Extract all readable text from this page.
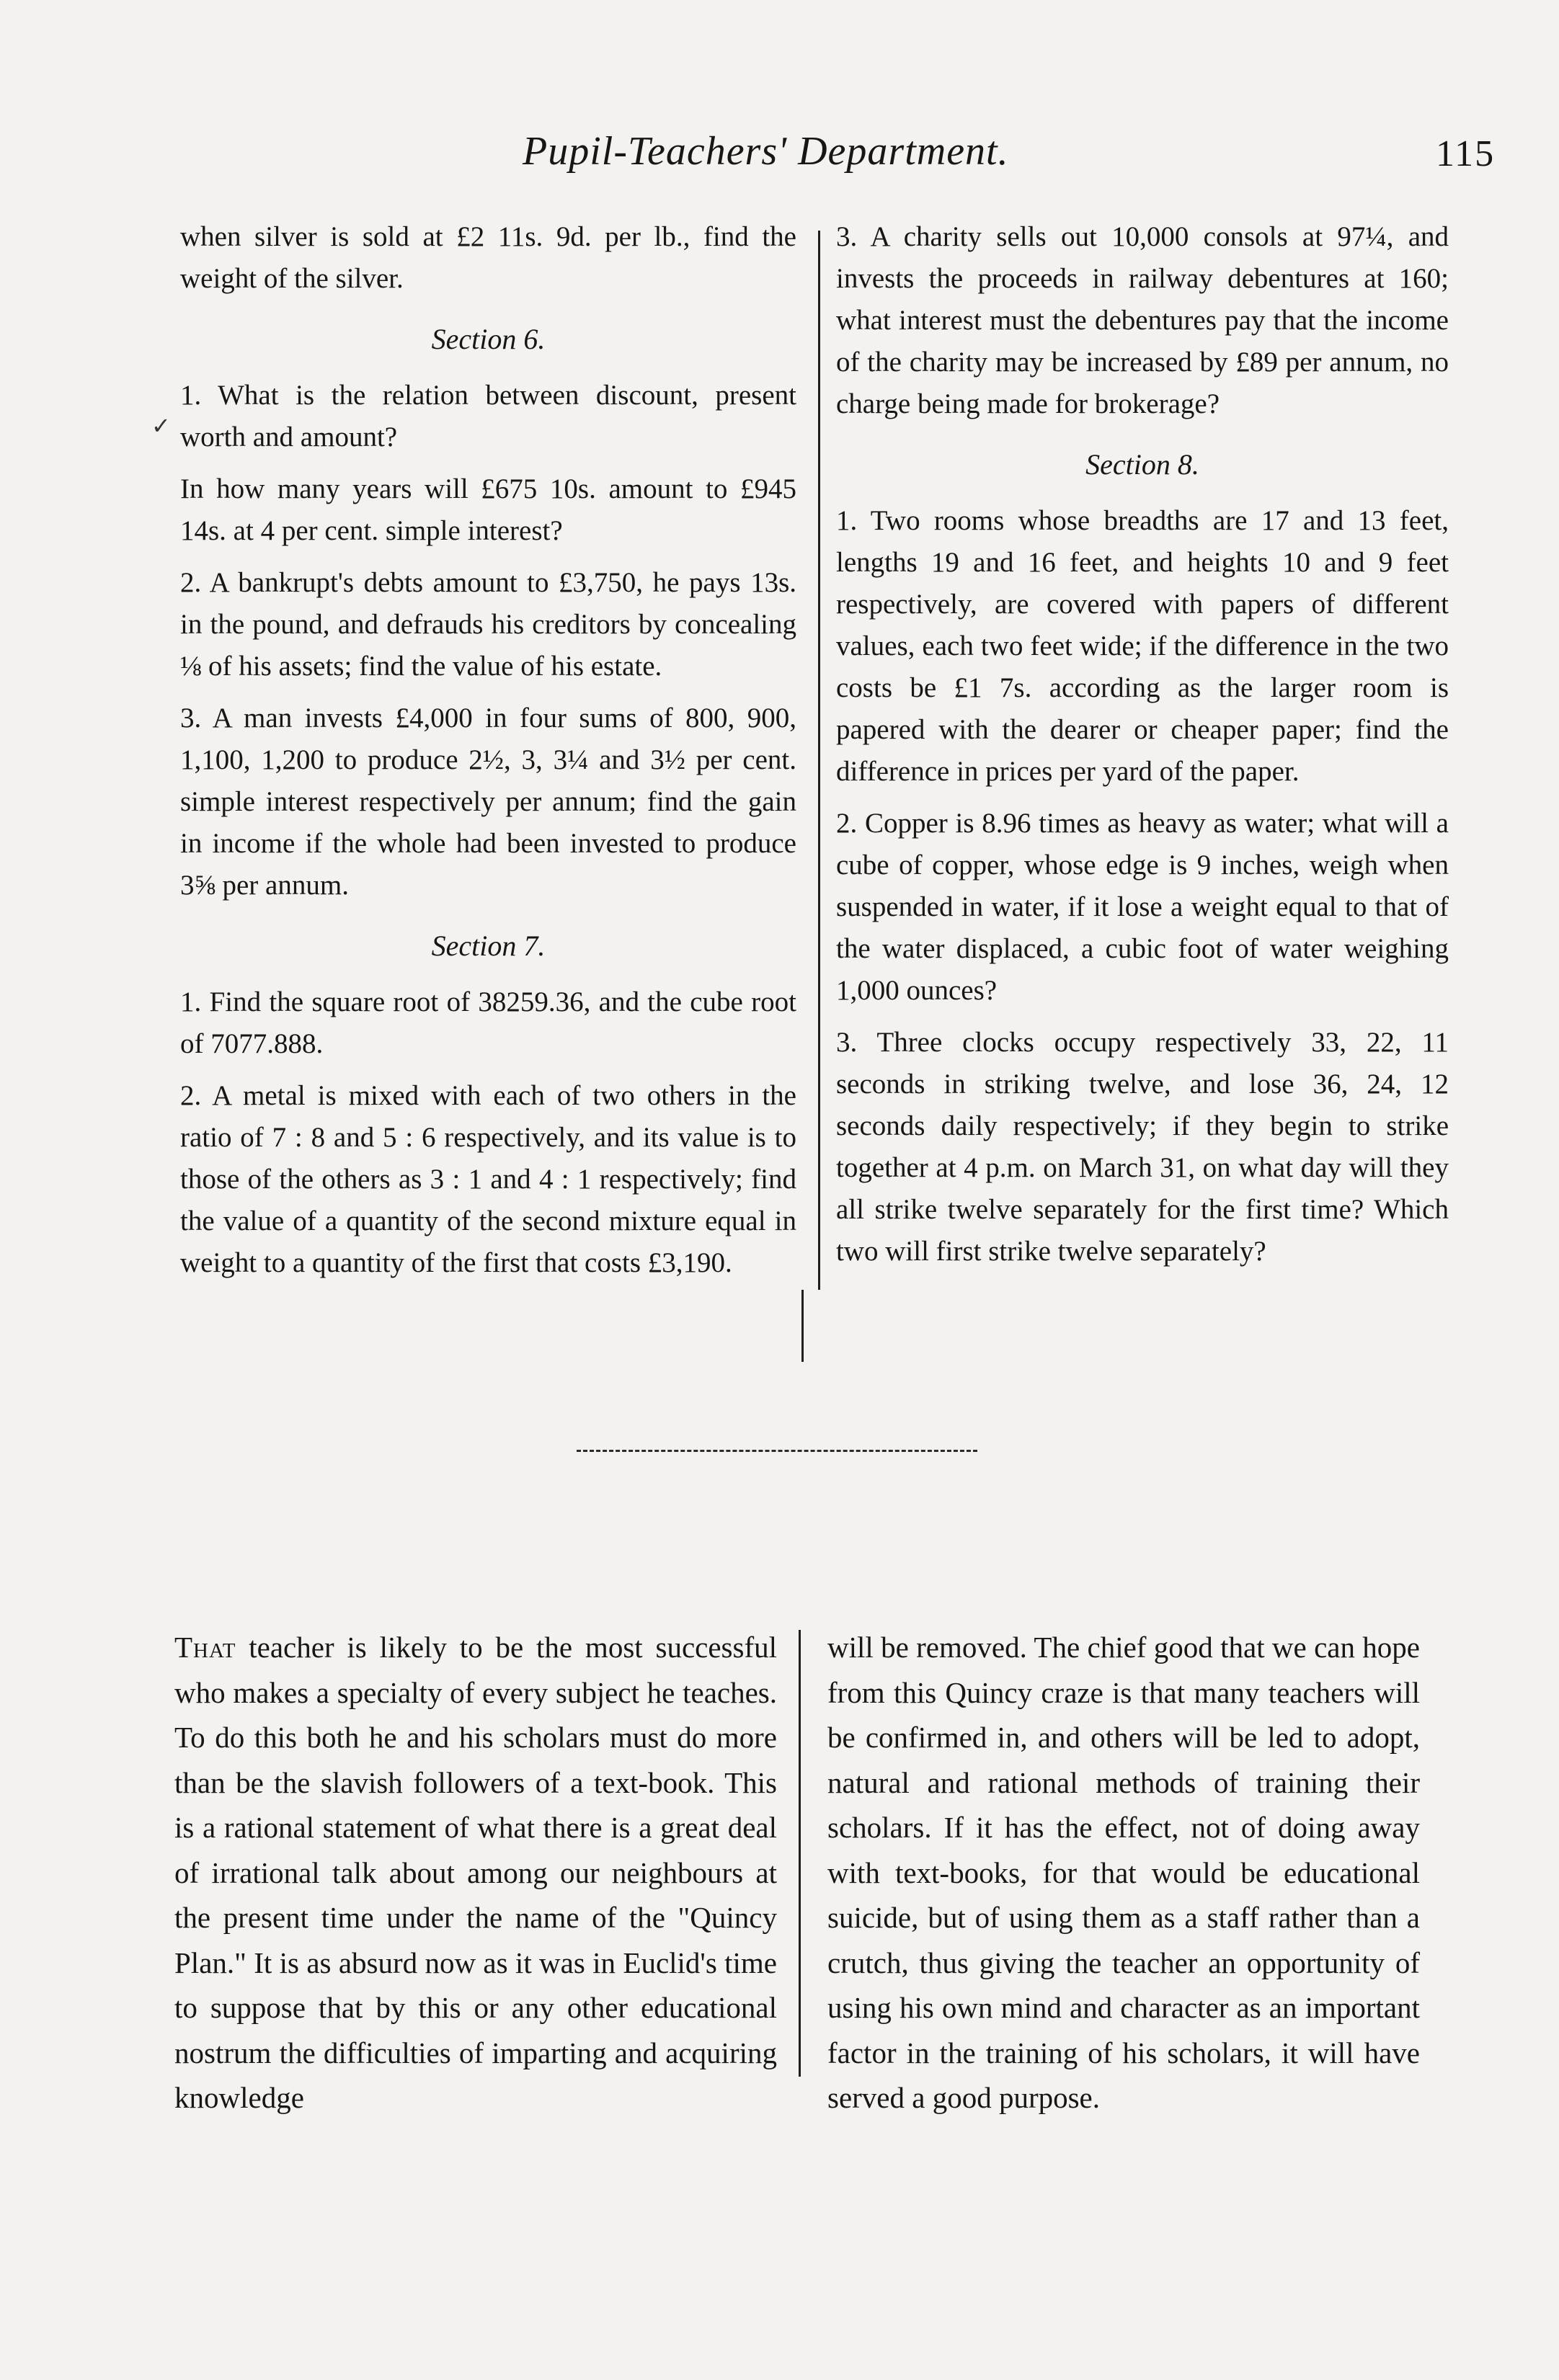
Pupil-Teachers' Department.	115
✓

when silver is sold at £2 11s. 9d. per lb., find the weight of the silver.

Section 6.

1. What is the relation between discount, present worth and amount?

In how many years will £675 10s. amount to £945 14s. at 4 per cent. simple interest?

2. A bankrupt's debts amount to £3,750, he pays 13s. in the pound, and defrauds his creditors by concealing ⅛ of his assets; find the value of his estate.

3. A man invests £4,000 in four sums of 800, 900, 1,100, 1,200 to produce 2½, 3, 3¼ and 3½ per cent. simple interest respectively per annum; find the gain in income if the whole had been invested to produce 3⅝ per annum.

Section 7.

1. Find the square root of 38259.36, and the cube root of 7077.888.

2. A metal is mixed with each of two others in the ratio of 7 : 8 and 5 : 6 respectively, and its value is to those of the others as 3 : 1 and 4 : 1 respectively; find the value of a quantity of the second mixture equal in weight to a quantity of the first that costs £3,190.

3. A charity sells out 10,000 consols at 97¼, and invests the proceeds in railway debentures at 160; what interest must the debentures pay that the income of the charity may be increased by £89 per annum, no charge being made for brokerage?

Section 8.

1. Two rooms whose breadths are 17 and 13 feet, lengths 19 and 16 feet, and heights 10 and 9 feet respectively, are covered with papers of different values, each two feet wide; if the difference in the two costs be £1 7s. according as the larger room is papered with the dearer or cheaper paper; find the difference in prices per yard of the paper.

2. Copper is 8.96 times as heavy as water; what will a cube of copper, whose edge is 9 inches, weigh when suspended in water, if it lose a weight equal to that of the water displaced, a cubic foot of water weighing 1,000 ounces?

3. Three clocks occupy respectively 33, 22, 11 seconds in striking twelve, and lose 36, 24, 12 seconds daily respectively; if they begin to strike together at 4 p.m. on March 31, on what day will they all strike twelve separately for the first time? Which two will first strike twelve separately?

That teacher is likely to be the most successful who makes a specialty of every subject he teaches. To do this both he and his scholars must do more than be the slavish followers of a text-book. This is a rational statement of what there is a great deal of irrational talk about among our neighbours at the present time under the name of the "Quincy Plan." It is as absurd now as it was in Euclid's time to suppose that by this or any other educational nostrum the difficulties of imparting and acquiring knowledge

will be removed. The chief good that we can hope from this Quincy craze is that many teachers will be confirmed in, and others will be led to adopt, natural and rational methods of training their scholars. If it has the effect, not of doing away with text-books, for that would be educational suicide, but of using them as a staff rather than a crutch, thus giving the teacher an opportunity of using his own mind and character as an important factor in the training of his scholars, it will have served a good purpose.
